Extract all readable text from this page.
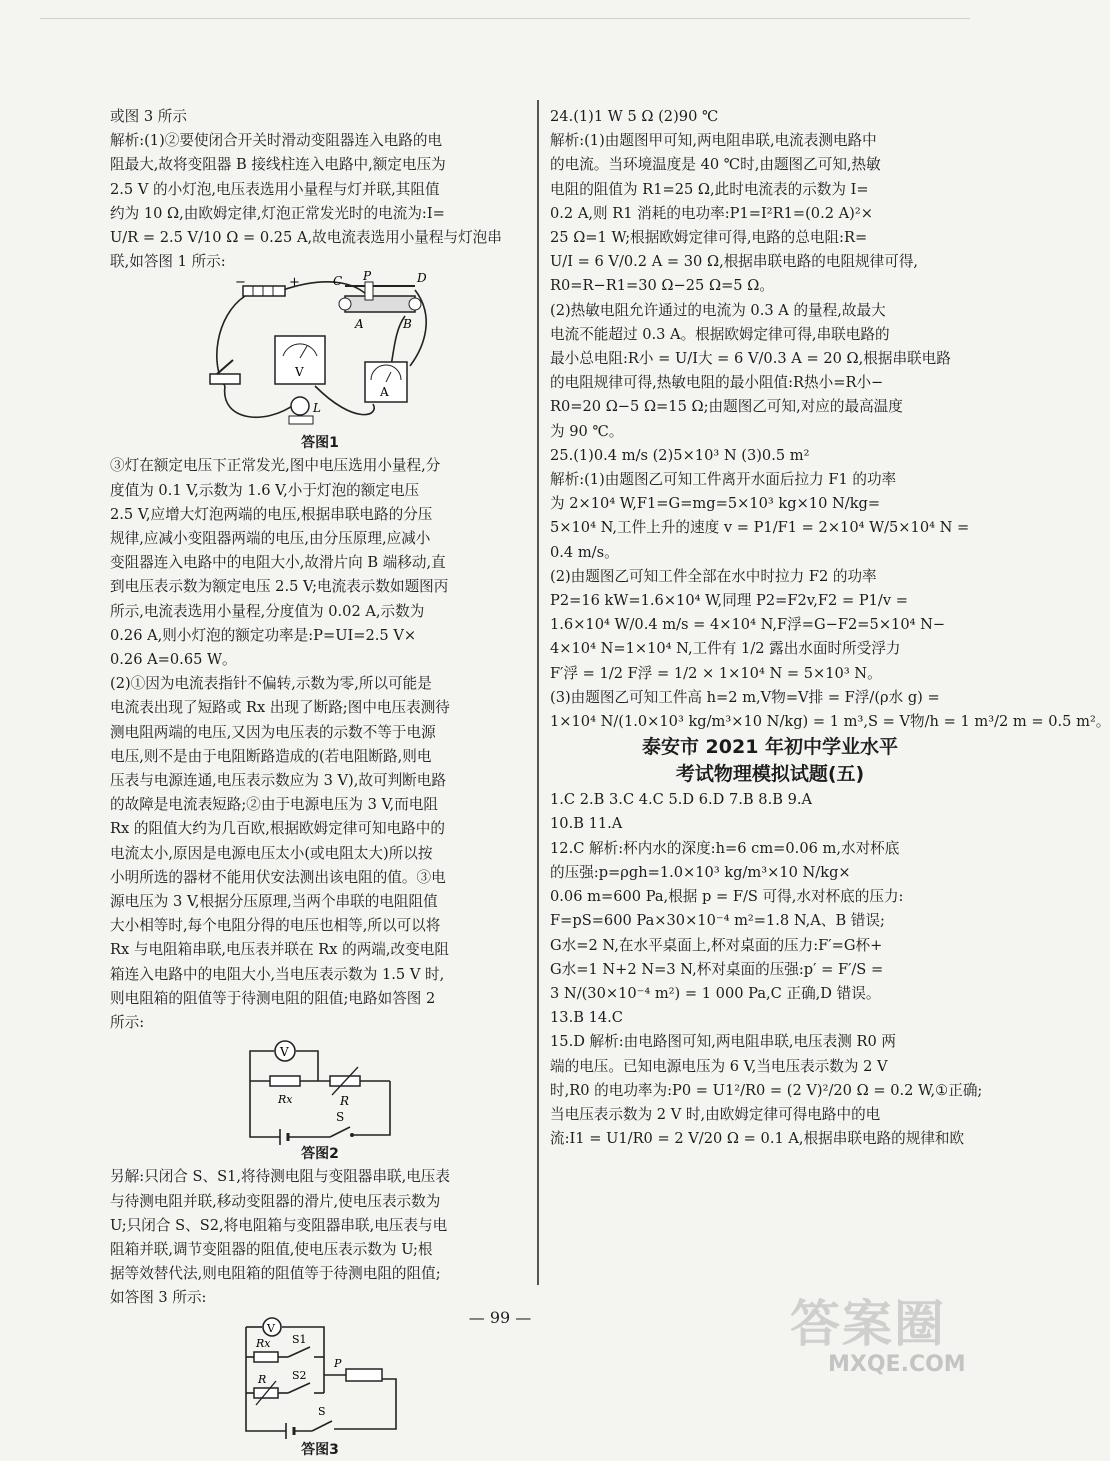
或图 3 所示
解析:(1)②要使闭合开关时滑动变阻器连入电路的电
阻最大,故将变阻器 B 接线柱连入电路中,额定电压为
2.5 V 的小灯泡,电压表选用小量程与灯并联,其阻值
约为 10 Ω,由欧姆定律,灯泡正常发光时的电流为:I=
U/R = 2.5 V/10 Ω = 0.25 A,故电流表选用小量程与灯泡串
联,如答图 1 所示:
−	+	C P	D
A	B
V
A
L
答图1
③灯在额定电压下正常发光,图中电压选用小量程,分
度值为 0.1 V,示数为 1.6 V,小于灯泡的额定电压
2.5 V,应增大灯泡两端的电压,根据串联电路的分压
规律,应减小变阻器两端的电压,由分压原理,应减小
变阻器连入电路中的电阻大小,故滑片向 B 端移动,直
到电压表示数为额定电压 2.5 V;电流表示数如题图丙
所示,电流表选用小量程,分度值为 0.02 A,示数为
0.26 A,则小灯泡的额定功率是:P=UI=2.5 V×
0.26 A=0.65 W。
(2)①因为电流表指针不偏转,示数为零,所以可能是
电流表出现了短路或 Rx 出现了断路;图中电压表测待
测电阻两端的电压,又因为电压表的示数不等于电源
电压,则不是由于电阻断路造成的(若电阻断路,则电
压表与电源连通,电压表示数应为 3 V),故可判断电路
的故障是电流表短路;②由于电源电压为 3 V,而电阻
Rx 的阻值大约为几百欧,根据欧姆定律可知电路中的
电流太小,原因是电源电压太小(或电阻太大)所以按
小明所选的器材不能用伏安法测出该电阻的值。③电
源电压为 3 V,根据分压原理,当两个串联的电阻阻值
大小相等时,每个电阻分得的电压也相等,所以可以将
Rx 与电阻箱串联,电压表并联在 Rx 的两端,改变电阻
箱连入电路中的电阻大小,当电压表示数为 1.5 V 时,
则电阻箱的阻值等于待测电阻的阻值;电路如答图 2
所示:
V
Rx	R
S
答图2
另解:只闭合 S、S1,将待测电阻与变阻器串联,电压表
与待测电阻并联,移动变阻器的滑片,使电压表示数为
U;只闭合 S、S2,将电阻箱与变阻器串联,电压表与电
阻箱并联,调节变阻器的阻值,使电压表示数为 U;根
据等效替代法,则电阻箱的阻值等于待测电阻的阻值;
如答图 3 所示:
V
Rx S1
R S2
P
S
答图3
24.(1)1 W 5 Ω (2)90 ℃
解析:(1)由题图甲可知,两电阻串联,电流表测电路中
的电流。当环境温度是 40 ℃时,由题图乙可知,热敏
电阻的阻值为 R1=25 Ω,此时电流表的示数为 I=
0.2 A,则 R1 消耗的电功率:P1=I²R1=(0.2 A)²×
25 Ω=1 W;根据欧姆定律可得,电路的总电阻:R=
U/I = 6 V/0.2 A = 30 Ω,根据串联电路的电阻规律可得,
R0=R−R1=30 Ω−25 Ω=5 Ω。
(2)热敏电阻允许通过的电流为 0.3 A 的量程,故最大
电流不能超过 0.3 A。根据欧姆定律可得,串联电路的
最小总电阻:R小 = U/I大 = 6 V/0.3 A = 20 Ω,根据串联电路
的电阻规律可得,热敏电阻的最小阻值:R热小=R小−
R0=20 Ω−5 Ω=15 Ω;由题图乙可知,对应的最高温度
为 90 ℃。
25.(1)0.4 m/s (2)5×10³ N (3)0.5 m²
解析:(1)由题图乙可知工件离开水面后拉力 F1 的功率
为 2×10⁴ W,F1=G=mg=5×10³ kg×10 N/kg=
5×10⁴ N,工件上升的速度 v = P1/F1 = 2×10⁴ W/5×10⁴ N =
0.4 m/s。
(2)由题图乙可知工件全部在水中时拉力 F2 的功率
P2=16 kW=1.6×10⁴ W,同理 P2=F2v,F2 = P1/v =
1.6×10⁴ W/0.4 m/s = 4×10⁴ N,F浮=G−F2=5×10⁴ N−
4×10⁴ N=1×10⁴ N,工件有 1/2 露出水面时所受浮力
F′浮 = 1/2 F浮 = 1/2 × 1×10⁴ N = 5×10³ N。
(3)由题图乙可知工件高 h=2 m,V物=V排 = F浮/(ρ水 g) =
1×10⁴ N/(1.0×10³ kg/m³×10 N/kg) = 1 m³,S = V物/h = 1 m³/2 m = 0.5 m²。
泰安市 2021 年初中学业水平
考试物理模拟试题(五)
1.C 2.B 3.C 4.C 5.D 6.D 7.B 8.B 9.A
10.B 11.A
12.C 解析:杯内水的深度:h=6 cm=0.06 m,水对杯底
的压强:p=ρgh=1.0×10³ kg/m³×10 N/kg×
0.06 m=600 Pa,根据 p = F/S 可得,水对杯底的压力:
F=pS=600 Pa×30×10⁻⁴ m²=1.8 N,A、B 错误;
G水=2 N,在水平桌面上,杯对桌面的压力:F′=G杯+
G水=1 N+2 N=3 N,杯对桌面的压强:p′ = F′/S =
3 N/(30×10⁻⁴ m²) = 1 000 Pa,C 正确,D 错误。
13.B 14.C
15.D 解析:由电路图可知,两电阻串联,电压表测 R0 两
端的电压。已知电源电压为 6 V,当电压表示数为 2 V
时,R0 的电功率为:P0 = U1²/R0 = (2 V)²/20 Ω = 0.2 W,①正确;
当电压表示数为 2 V 时,由欧姆定律可得电路中的电
流:I1 = U1/R0 = 2 V/20 Ω = 0.1 A,根据串联电路的规律和欧
— 99 —	答案圈
MXQE.COM
